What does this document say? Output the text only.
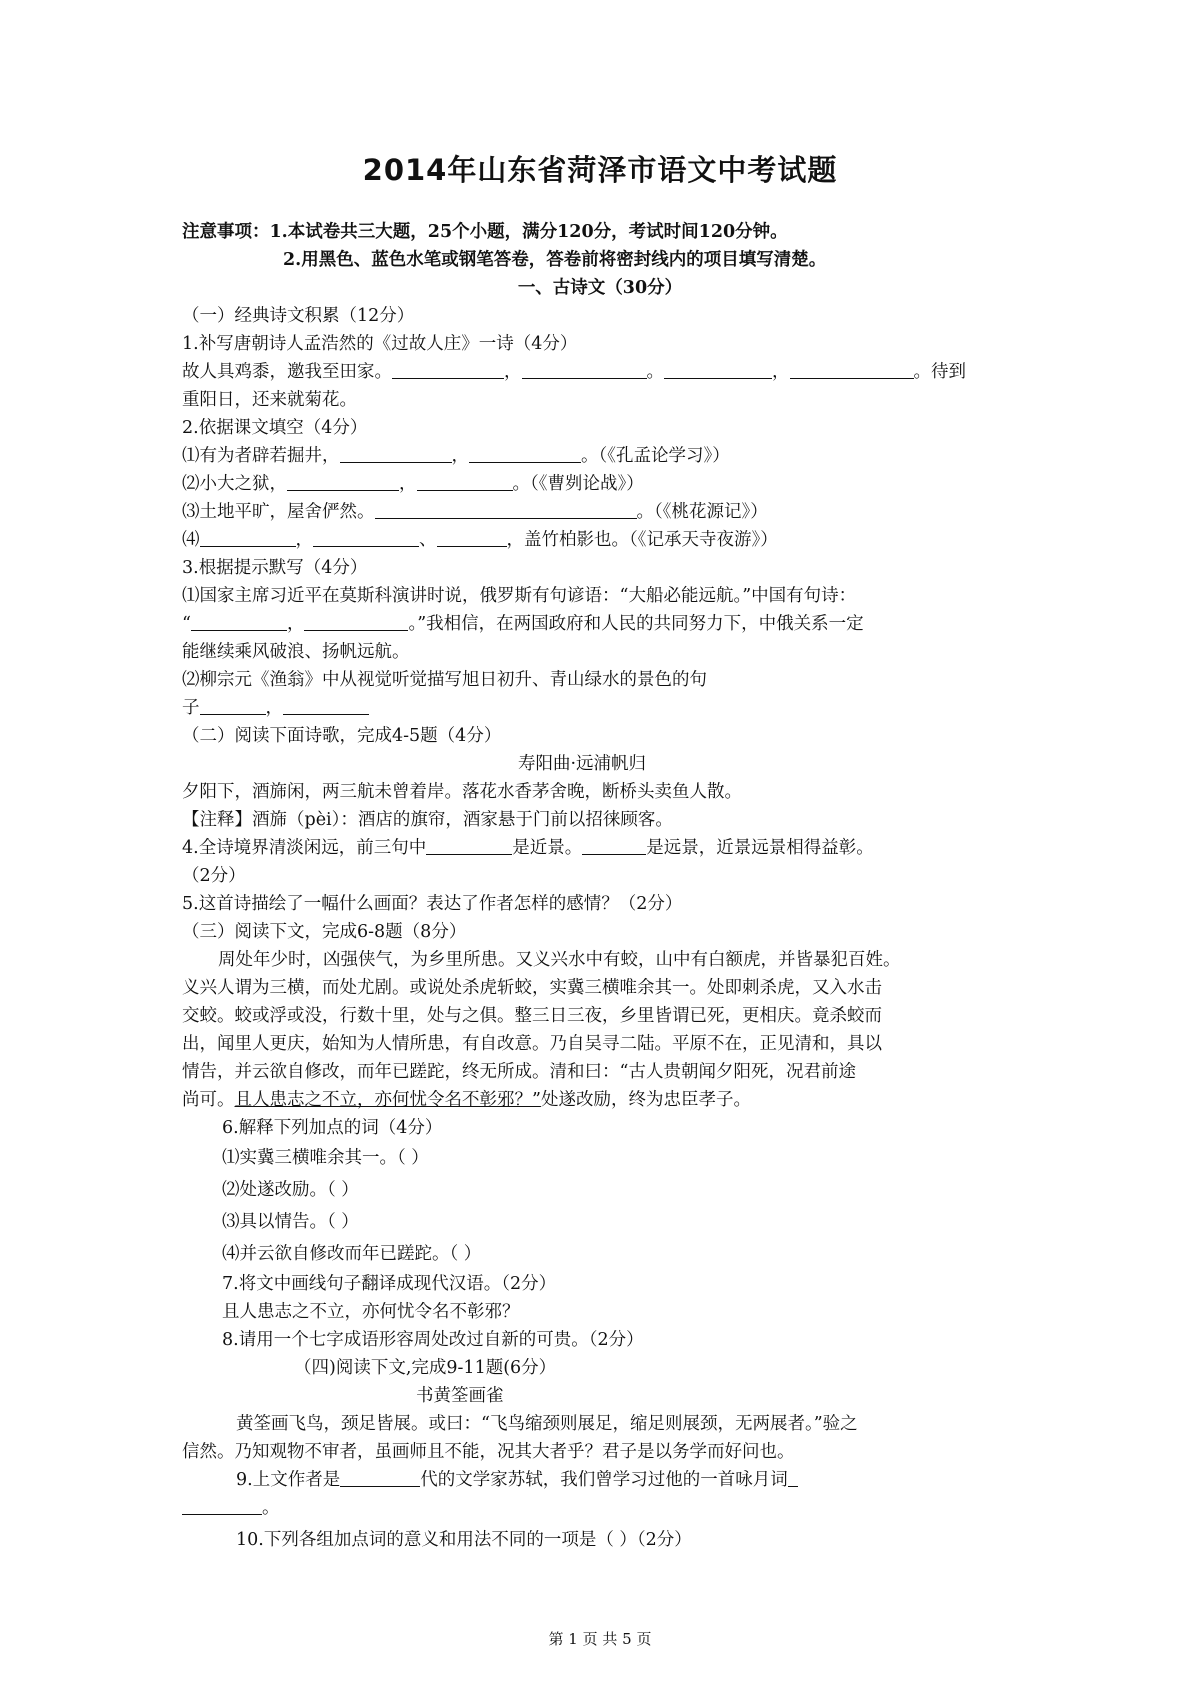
2014年山东省菏泽市语文中考试题
注意事项：1.本试卷共三大题，25个小题，满分120分，考试时间120分钟。
2.用黑色、蓝色水笔或钢笔答卷，答卷前将密封线内的项目填写清楚。
一、古诗文（30分）
（一）经典诗文积累（12分）
1.补写唐朝诗人孟浩然的《过故人庄》一诗（4分）
故人具鸡黍，邀我至田家。	，	。	，	。待到
重阳日，还来就菊花。
2.依据课文填空（4分）
⑴有为者辟若掘井，	，	。（《孔孟论学习》）
⑵小大之狱，	，	。（《曹刿论战》）
⑶土地平旷，屋舍俨然。	。（《桃花源记》）
⑷	，	、	，盖竹柏影也。（《记承天寺夜游》）
3.根据提示默写（4分）
⑴国家主席习近平在莫斯科演讲时说，俄罗斯有句谚语：“大船必能远航。”中国有句诗：
“	，	。”我相信，在两国政府和人民的共同努力下，中俄关系一定
能继续乘风破浪、扬帆远航。
⑵柳宗元《渔翁》中从视觉听觉描写旭日初升、青山绿水的景色的句
子	，
（二）阅读下面诗歌，完成4-5题（4分）
寿阳曲·远浦帆归
夕阳下，酒旆闲，两三航未曾着岸。落花水香茅舍晚，断桥头卖鱼人散。
【注释】酒旆（pèi）：酒店的旗帘，酒家悬于门前以招徕顾客。
4.全诗境界清淡闲远，前三句中	是近景。	是远景，近景远景相得益彰。
（2分）
5.这首诗描绘了一幅什么画面？表达了作者怎样的感情？（2分）
（三）阅读下文，完成6-8题（8分）
周处年少时，凶强侠气，为乡里所患。又义兴水中有蛟，山中有白额虎，并皆暴犯百姓。
义兴人谓为三横，而处尤剧。或说处杀虎斩蛟，实冀三横唯余其一。处即刺杀虎，又入水击
交蛟。蛟或浮或没，行数十里，处与之俱。整三日三夜，乡里皆谓已死，更相庆。竟杀蛟而
出，闻里人更庆，始知为人情所患，有自改意。乃自吴寻二陆。平原不在，正见清和，具以
情告，并云欲自修改，而年已蹉跎，终无所成。清和曰：“古人贵朝闻夕阳死，况君前途
尚可。且人患志之不立，亦何忧令名不彰邪？”处遂改励，终为忠臣孝子。
6.解释下列加点的词（4分）
⑴实冀三横唯余其一。（ ）
⑵处遂改励。（ ）
⑶具以情告。（ ）
⑷并云欲自修改而年已蹉跎。（ ）
7.将文中画线句子翻译成现代汉语。（2分）
且人患志之不立，亦何忧令名不彰邪？
8.请用一个七字成语形容周处改过自新的可贵。（2分）
（四)阅读下文,完成9-11题(6分）
书黄筌画雀
黄筌画飞鸟，颈足皆展。或曰：“飞鸟缩颈则展足，缩足则展颈，无两展者。”验之
信然。乃知观物不审者，虽画师且不能，况其大者乎？君子是以务学而好问也。
9.上文作者是	代的文学家苏轼，我们曾学习过他的一首咏月词
。
10.下列各组加点词的意义和用法不同的一项是（ ）（2分）
第 1 页 共 5 页
